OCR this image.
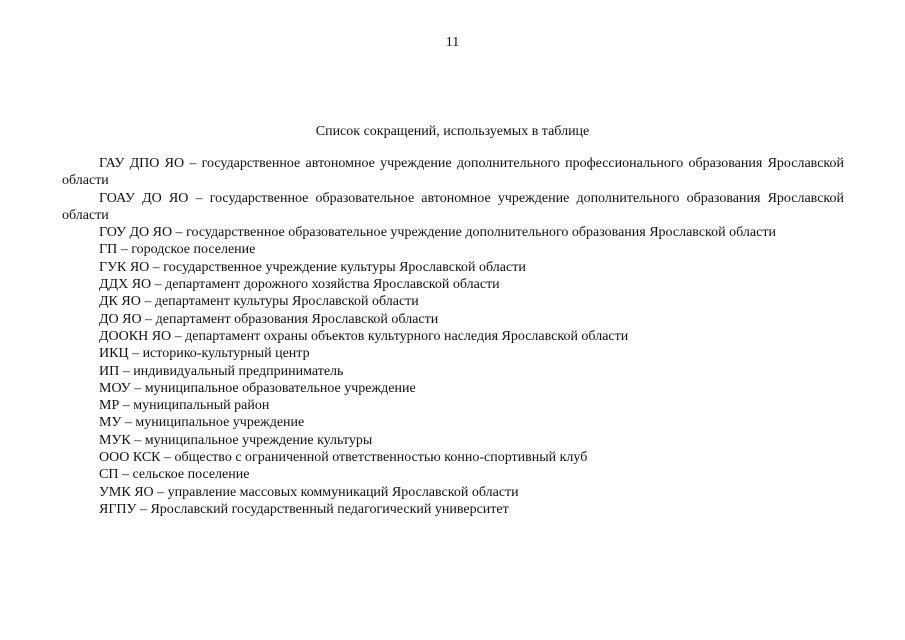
11
Список сокращений, используемых в таблице

ГАУ ДПО ЯО – государственное автономное учреждение дополнительного профессионального образования Ярославской области

ГОАУ ДО ЯО – государственное образовательное автономное учреждение дополнительного образования Ярославской области

ГОУ ДО ЯО – государственное образовательное учреждение дополнительного образования Ярославской области

ГП – городское поселение

ГУК ЯО – государственное учреждение культуры Ярославской области

ДДХ ЯО – департамент дорожного хозяйства Ярославской области

ДК ЯО – департамент культуры Ярославской области

ДО ЯО – департамент образования Ярославской области

ДООКН ЯО – департамент охраны объектов культурного наследия Ярославской области

ИКЦ – историко-культурный центр

ИП – индивидуальный предприниматель

МОУ – муниципальное образовательное учреждение

МР – муниципальный район

МУ – муниципальное учреждение

МУК – муниципальное учреждение культуры

ООО КСК – общество с ограниченной ответственностью конно-спортивный клуб

СП – сельское поселение

УМК ЯО – управление массовых коммуникаций Ярославской области

ЯГПУ – Ярославский государственный педагогический университет
